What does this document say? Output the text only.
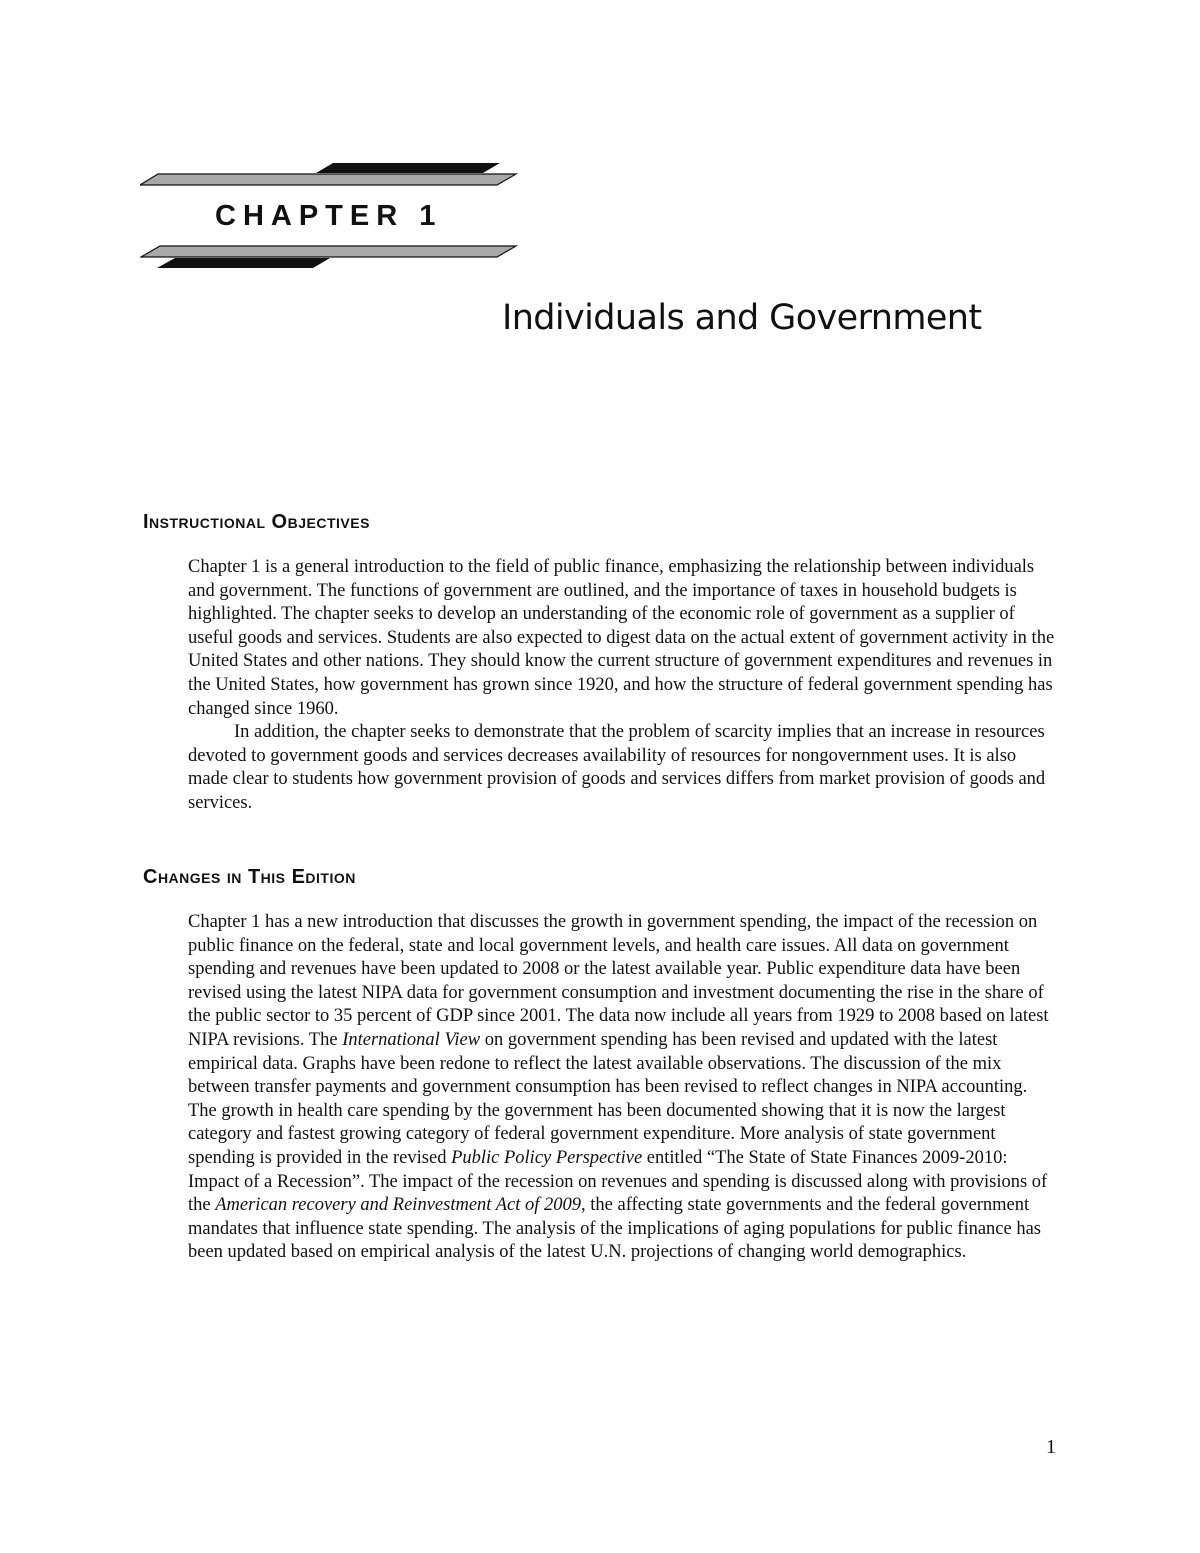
CHAPTER 1
Individuals and Government
Instructional Objectives

Chapter 1 is a general introduction to the field of public finance, emphasizing the relationship between individuals and government. The functions of government are outlined, and the importance of taxes in household budgets is highlighted. The chapter seeks to develop an understanding of the economic role of government as a supplier of useful goods and services. Students are also expected to digest data on the actual extent of government activity in the United States and other nations. They should know the current structure of government expenditures and revenues in the United States, how government has grown since 1920, and how the structure of federal government spending has changed since 1960.

In addition, the chapter seeks to demonstrate that the problem of scarcity implies that an increase in resources devoted to government goods and services decreases availability of resources for nongovernment uses. It is also made clear to students how government provision of goods and services differs from market provision of goods and services.

Changes in This Edition

Chapter 1 has a new introduction that discusses the growth in government spending, the impact of the recession on public finance on the federal, state and local government levels, and health care issues. All data on government spending and revenues have been updated to 2008 or the latest available year. Public expenditure data have been revised using the latest NIPA data for government consumption and investment documenting the rise in the share of the public sector to 35 percent of GDP since 2001. The data now include all years from 1929 to 2008 based on latest NIPA revisions. The International View on government spending has been revised and updated with the latest empirical data. Graphs have been redone to reflect the latest available observations. The discussion of the mix between transfer payments and government consumption has been revised to reflect changes in NIPA accounting. The growth in health care spending by the government has been documented showing that it is now the largest category and fastest growing category of federal government expenditure. More analysis of state government spending is provided in the revised Public Policy Perspective entitled “The State of State Finances 2009-2010: Impact of a Recession”. The impact of the recession on revenues and spending is discussed along with provisions of the American recovery and Reinvestment Act of 2009, the affecting state governments and the federal government mandates that influence state spending. The analysis of the implications of aging populations for public finance has been updated based on empirical analysis of the latest U.N. projections of changing world demographics.

1
